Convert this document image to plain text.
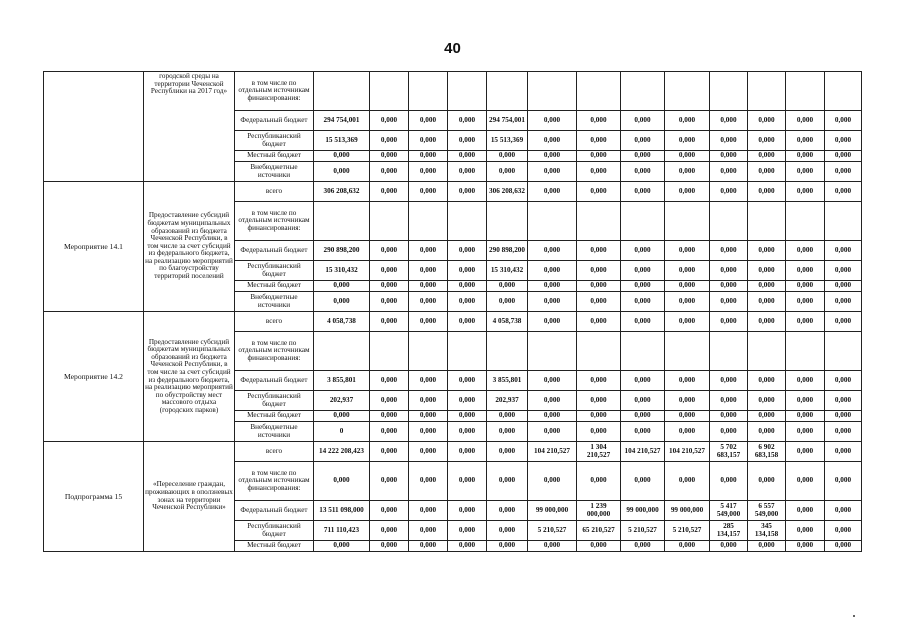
40
	городской среды на территории Чеченской Республики на 2017 год»	в том числе по отдельным источникам финансирования:													
		Федеральный бюджет	294 754,001	0,000	0,000	0,000	294 754,001	0,000	0,000	0,000	0,000	0,000	0,000	0,000	0,000
		Республиканский бюджет	15 513,369	0,000	0,000	0,000	15 513,369	0,000	0,000	0,000	0,000	0,000	0,000	0,000	0,000
		Местный бюджет	0,000	0,000	0,000	0,000	0,000	0,000	0,000	0,000	0,000	0,000	0,000	0,000	0,000
		Внебюджетные источники	0,000	0,000	0,000	0,000	0,000	0,000	0,000	0,000	0,000	0,000	0,000	0,000	0,000
Мероприятие 14.1	Предоставление субсидий бюджетам муниципальных образований из бюджета Чеченской Республики, в том числе за счет субсидий из федерального бюджета, на реализацию мероприятий по благоустройству территорий поселений	всего	306 208,632	0,000	0,000	0,000	306 208,632	0,000	0,000	0,000	0,000	0,000	0,000	0,000	0,000
		в том числе по отдельным источникам финансирования:													
		Федеральный бюджет	290 898,200	0,000	0,000	0,000	290 898,200	0,000	0,000	0,000	0,000	0,000	0,000	0,000	0,000
		Республиканский бюджет	15 310,432	0,000	0,000	0,000	15 310,432	0,000	0,000	0,000	0,000	0,000	0,000	0,000	0,000
		Местный бюджет	0,000	0,000	0,000	0,000	0,000	0,000	0,000	0,000	0,000	0,000	0,000	0,000	0,000
		Внебюджетные источники	0,000	0,000	0,000	0,000	0,000	0,000	0,000	0,000	0,000	0,000	0,000	0,000	0,000
Мероприятие 14.2	Предоставление субсидий бюджетам муниципальных образований из бюджета Чеченской Республики, в том числе за счет субсидий из федерального бюджета, на реализацию мероприятий по обустройству мест массового отдыха (городских парков)	всего	4 058,738	0,000	0,000	0,000	4 058,738	0,000	0,000	0,000	0,000	0,000	0,000	0,000	0,000
		в том числе по отдельным источникам финансирования:													
		Федеральный бюджет	3 855,801	0,000	0,000	0,000	3 855,801	0,000	0,000	0,000	0,000	0,000	0,000	0,000	0,000
		Республиканский бюджет	202,937	0,000	0,000	0,000	202,937	0,000	0,000	0,000	0,000	0,000	0,000	0,000	0,000
		Местный бюджет	0,000	0,000	0,000	0,000	0,000	0,000	0,000	0,000	0,000	0,000	0,000	0,000	0,000
		Внебюджетные источники	0	0,000	0,000	0,000	0,000	0,000	0,000	0,000	0,000	0,000	0,000	0,000	0,000
Подпрограмма 15	«Переселение граждан, проживающих в оползневых зонах на территории Чеченской Республики»	всего	14 222 208,423	0,000	0,000	0,000	0,000	104 210,527	1 304 210,527	104 210,527	104 210,527	5 702 683,157	6 902 683,158	0,000	0,000
		в том числе по отдельным источникам финансирования:	0,000	0,000	0,000	0,000	0,000	0,000	0,000	0,000	0,000	0,000	0,000	0,000	0,000
		Федеральный бюджет	13 511 098,000	0,000	0,000	0,000	0,000	99 000,000	1 239 000,000	99 000,000	99 000,000	5 417 549,000	6 557 549,000	0,000	0,000
		Республиканский бюджет	711 110,423	0,000	0,000	0,000	0,000	5 210,527	65 210,527	5 210,527	5 210,527	285 134,157	345 134,158	0,000	0,000
		Местный бюджет	0,000	0,000	0,000	0,000	0,000	0,000	0,000	0,000	0,000	0,000	0,000	0,000	0,000
